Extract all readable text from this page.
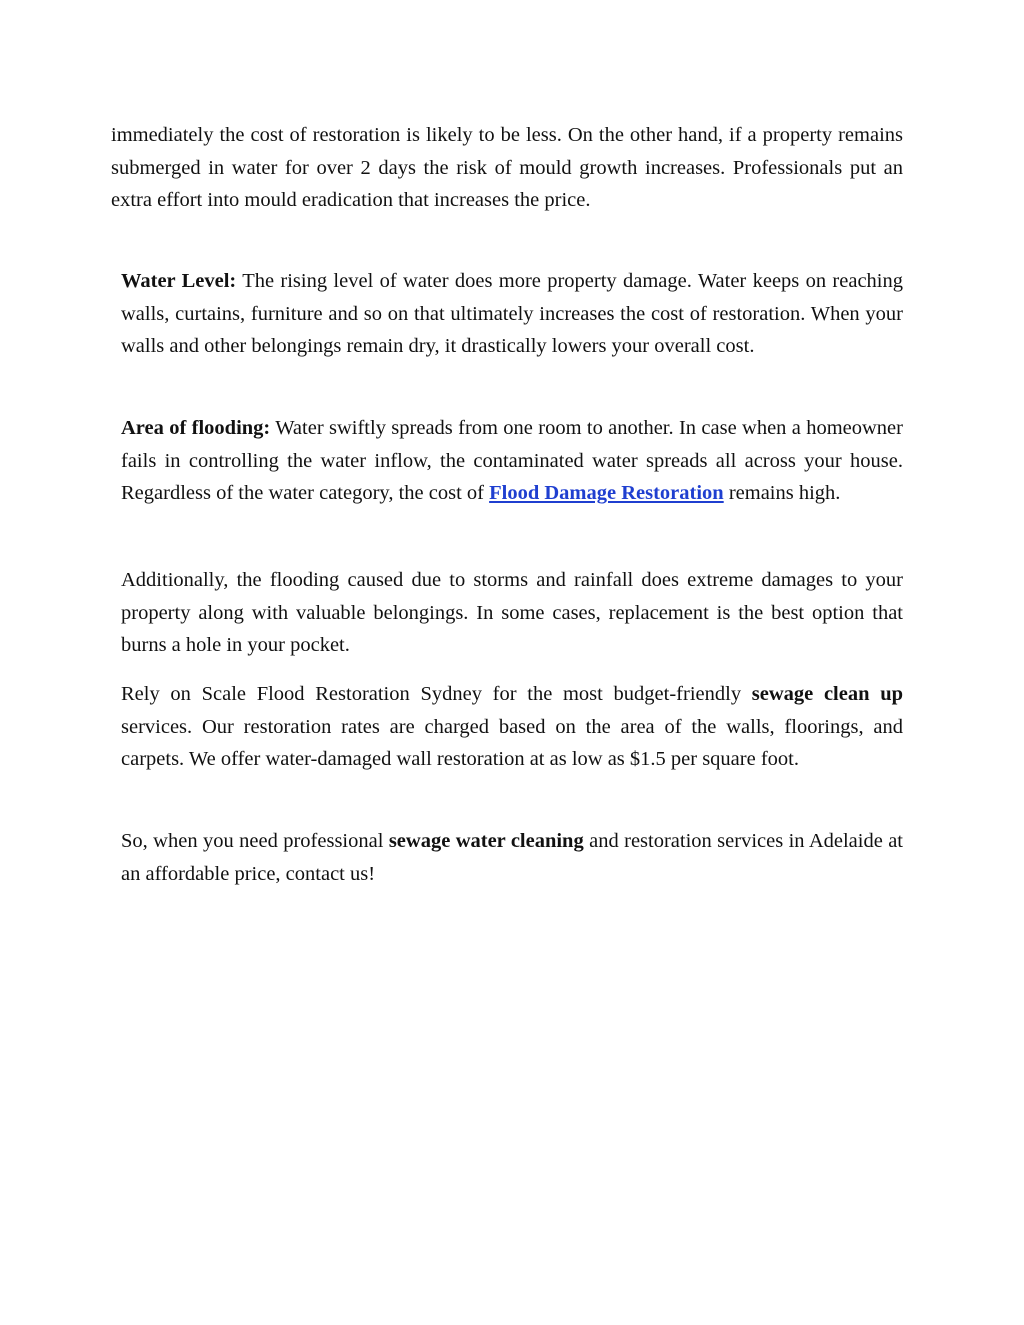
immediately the cost of restoration is likely to be less. On the other hand, if a property remains submerged in water for over 2 days the risk of mould growth increases. Professionals put an extra effort into mould eradication that increases the price.

Water Level: The rising level of water does more property damage. Water keeps on reaching walls, curtains, furniture and so on that ultimately increases the cost of restoration. When your walls and other belongings remain dry, it drastically lowers your overall cost.

Area of flooding: Water swiftly spreads from one room to another. In case when a homeowner fails in controlling the water inflow, the contaminated water spreads all across your house. Regardless of the water category, the cost of Flood Damage Restoration remains high.

Additionally, the flooding caused due to storms and rainfall does extreme damages to your property along with valuable belongings. In some cases, replacement is the best option that burns a hole in your pocket.

Rely on Scale Flood Restoration Sydney for the most budget-friendly sewage clean up services. Our restoration rates are charged based on the area of the walls, floorings, and carpets. We offer water-damaged wall restoration at as low as $1.5 per square foot.

So, when you need professional sewage water cleaning and restoration services in Adelaide at an affordable price, contact us!
